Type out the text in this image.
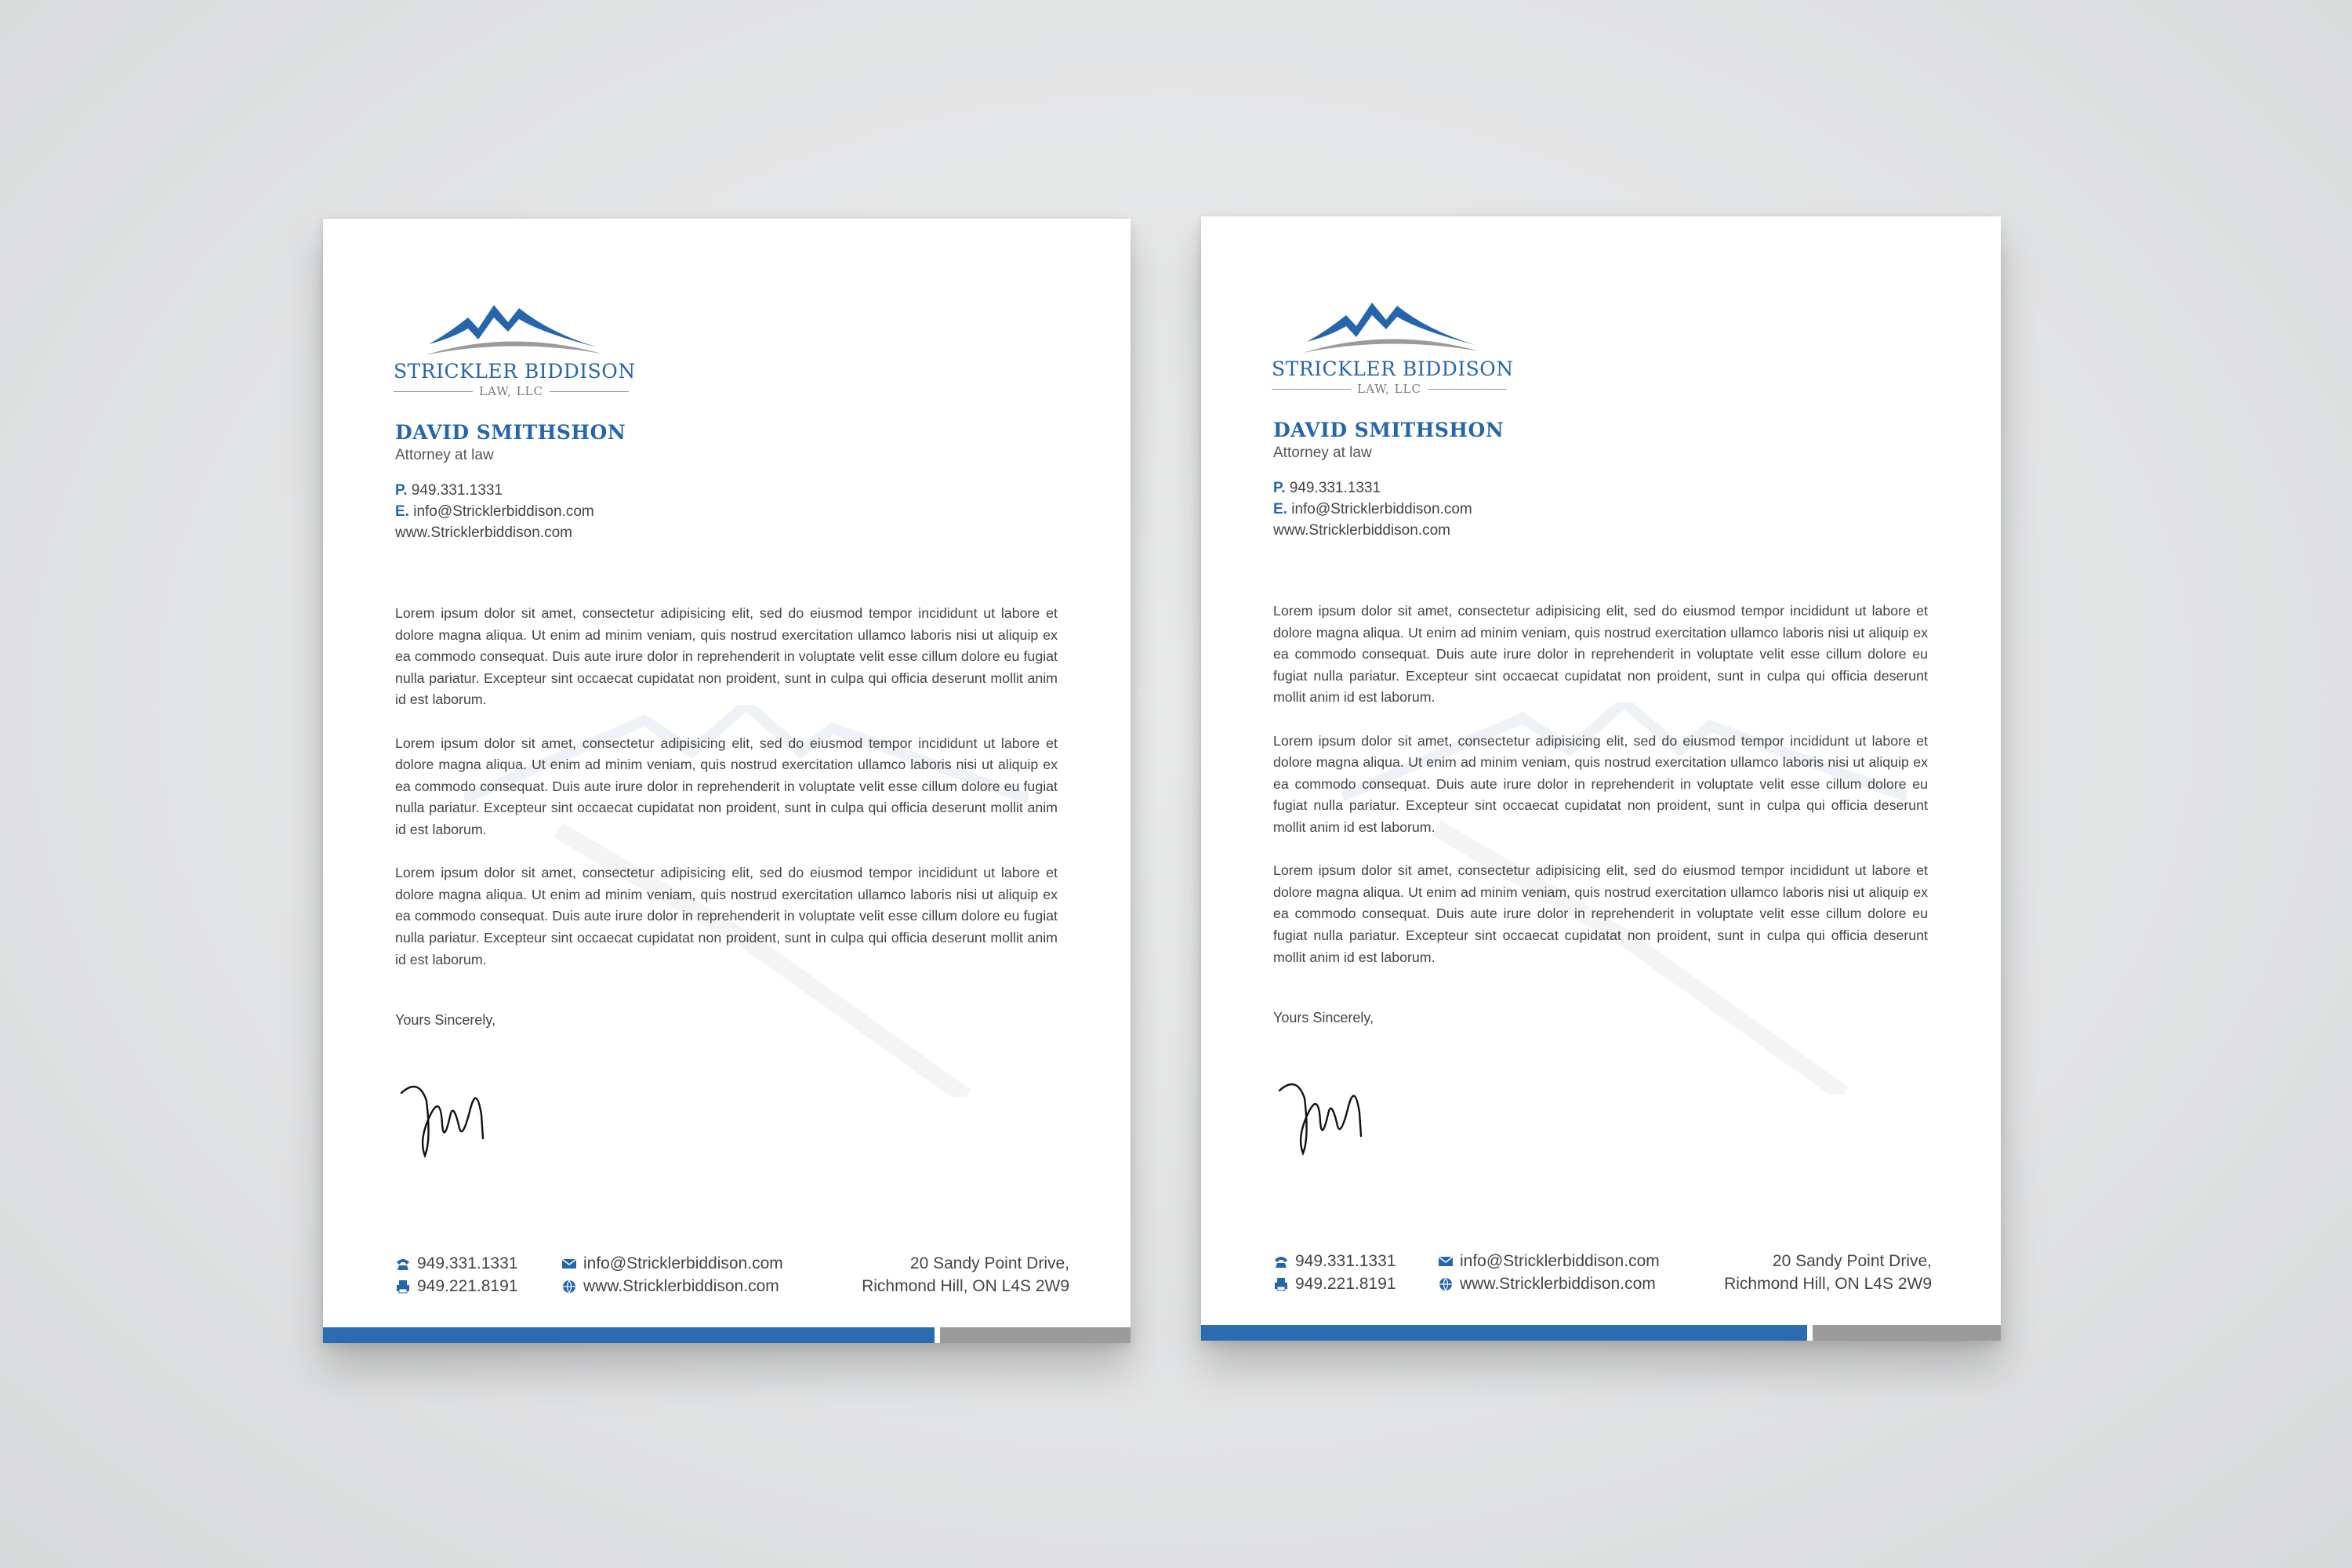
STRICKLER BIDDISON
LAW, LLC
DAVID SMITHSHON
Attorney at law
P. 949.331.1331
E. info@Stricklerbiddison.com
www.Stricklerbiddison.com

Lorem ipsum dolor sit amet, consectetur adipisicing elit, sed do eiusmod tempor incididunt ut labore et dolore magna aliqua. Ut enim ad minim veniam, quis nostrud exercitation ullamco laboris nisi ut aliquip ex ea commodo consequat. Duis aute irure dolor in reprehenderit in voluptate velit esse cillum dolore eu fugiat nulla pariatur. Excepteur sint occaecat cupidatat non proident, sunt in culpa qui officia deserunt mollit anim id est laborum.

Lorem ipsum dolor sit amet, consectetur adipisicing elit, sed do eiusmod tempor incididunt ut labore et dolore magna aliqua. Ut enim ad minim veniam, quis nostrud exercitation ullamco laboris nisi ut aliquip ex ea commodo consequat. Duis aute irure dolor in reprehenderit in voluptate velit esse cillum dolore eu fugiat nulla pariatur. Excepteur sint occaecat cupidatat non proident, sunt in culpa qui officia deserunt mollit anim id est laborum.

Lorem ipsum dolor sit amet, consectetur adipisicing elit, sed do eiusmod tempor incididunt ut labore et dolore magna aliqua. Ut enim ad minim veniam, quis nostrud exercitation ullamco laboris nisi ut aliquip ex ea commodo consequat. Duis aute irure dolor in reprehenderit in voluptate velit esse cillum dolore eu fugiat nulla pariatur. Excepteur sint occaecat cupidatat non proident, sunt in culpa qui officia deserunt mollit anim id est laborum.

Yours Sincerely,
949.331.1331
949.221.8191
info@Stricklerbiddison.com
www.Stricklerbiddison.com
20 Sandy Point Drive,
Richmond Hill, ON L4S 2W9
STRICKLER BIDDISON
LAW, LLC
DAVID SMITHSHON
Attorney at law
P. 949.331.1331
E. info@Stricklerbiddison.com
www.Stricklerbiddison.com

Lorem ipsum dolor sit amet, consectetur adipisicing elit, sed do eiusmod tempor incididunt ut labore et dolore magna aliqua. Ut enim ad minim veniam, quis nostrud exercitation ullamco laboris nisi ut aliquip ex ea commodo consequat. Duis aute irure dolor in reprehenderit in voluptate velit esse cillum dolore eu fugiat nulla pariatur. Excepteur sint occaecat cupidatat non proident, sunt in culpa qui officia deserunt mollit anim id est laborum.

Lorem ipsum dolor sit amet, consectetur adipisicing elit, sed do eiusmod tempor incididunt ut labore et dolore magna aliqua. Ut enim ad minim veniam, quis nostrud exercitation ullamco laboris nisi ut aliquip ex ea commodo consequat. Duis aute irure dolor in reprehenderit in voluptate velit esse cillum dolore eu fugiat nulla pariatur. Excepteur sint occaecat cupidatat non proident, sunt in culpa qui officia deserunt mollit anim id est laborum.

Lorem ipsum dolor sit amet, consectetur adipisicing elit, sed do eiusmod tempor incididunt ut labore et dolore magna aliqua. Ut enim ad minim veniam, quis nostrud exercitation ullamco laboris nisi ut aliquip ex ea commodo consequat. Duis aute irure dolor in reprehenderit in voluptate velit esse cillum dolore eu fugiat nulla pariatur. Excepteur sint occaecat cupidatat non proident, sunt in culpa qui officia deserunt mollit anim id est laborum.

Yours Sincerely,
949.331.1331
949.221.8191
info@Stricklerbiddison.com
www.Stricklerbiddison.com
20 Sandy Point Drive,
Richmond Hill, ON L4S 2W9
